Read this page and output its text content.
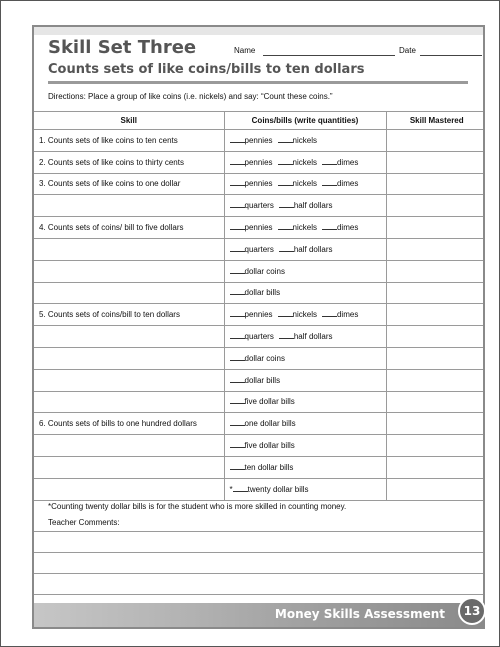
Skill Set Three	Name	Date
Counts sets of like coins/bills to ten dollars
Directions: Place a group of like coins (i.e. nickels) and say: “Count these coins.”
Skill	Coins/bills (write quantities)	Skill Mastered
1. Counts sets of like coins to ten cents	pennies nickels	
2. Counts sets of like coins to thirty cents	pennies nickels dimes	
3. Counts sets of like coins to one dollar	pennies nickels dimes	
	quarters half dollars	
4. Counts sets of coins/ bill to five dollars	pennies nickels dimes	
	quarters half dollars	
	dollar coins	
	dollar bills	
5. Counts sets of coins/bill to ten dollars	pennies nickels dimes	
	quarters half dollars	
	dollar coins	
	dollar bills	
	five dollar bills	
6. Counts sets of bills to one hundred dollars	one dollar bills	
	five dollar bills	
	ten dollar bills	
	* twenty dollar bills	
*Counting twenty dollar bills is for the student who is more skilled in counting money.
Teacher Comments:
Money Skills Assessment	13
